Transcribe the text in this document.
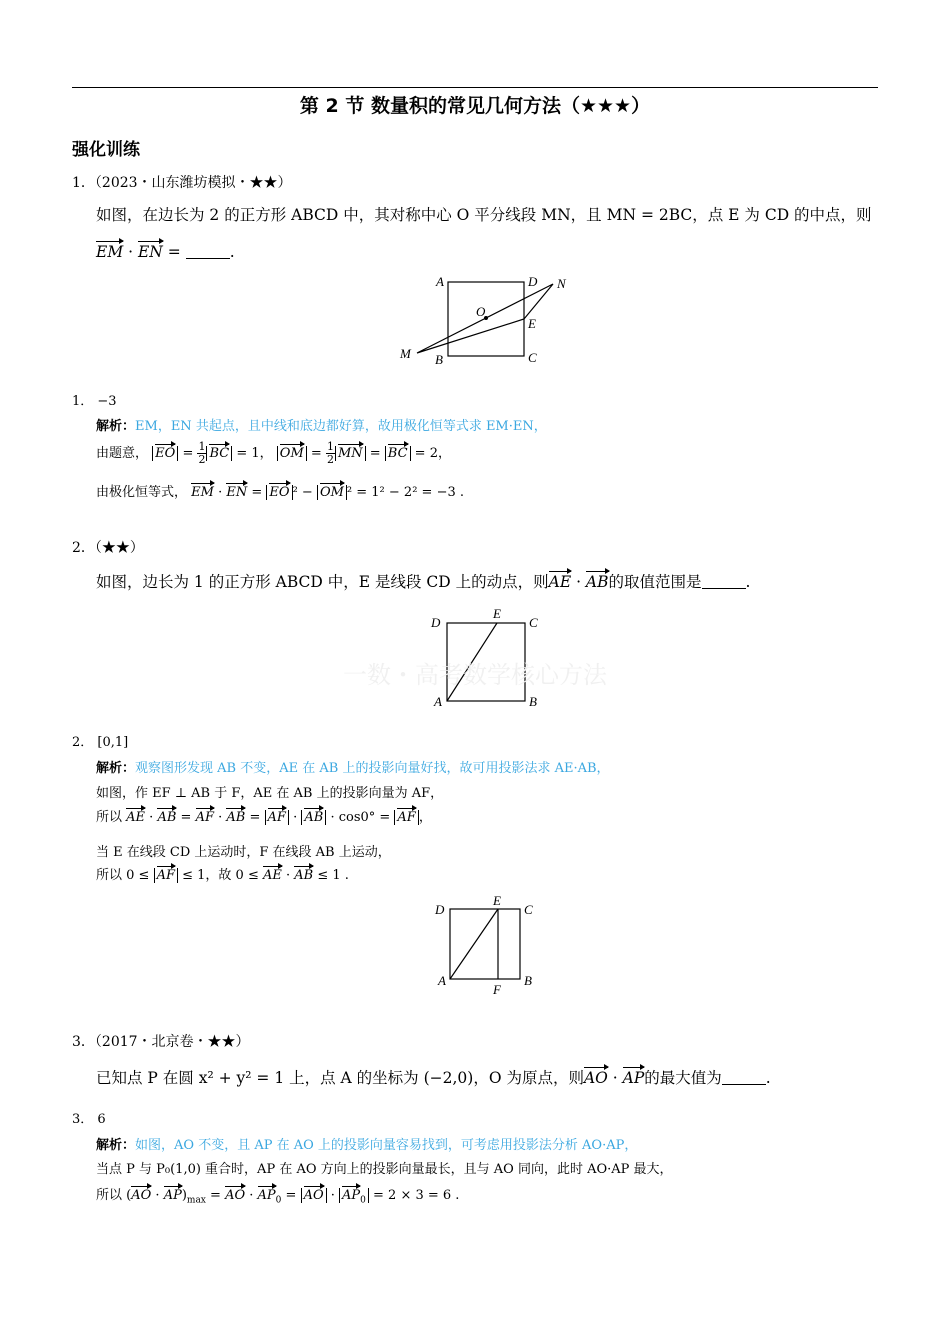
第 2 节 数量积的常见几何方法（★★★）
强化训练
1．（2023・山东潍坊模拟・★★）
如图，在边长为 2 的正方形 ABCD 中，其对称中心 O 平分线段 MN，且 MN = 2BC，点 E 为 CD 的中点，则
EM · EN =	.
A	D N
O
E
M B	C
1． −3
解析：EM，EN 共起点，且中线和底边都好算，故用极化恒等式求 EM·EN，
由题意， EO = $\frac{1}{2}$ BC = 1， OM = $\frac{1}{2}$ MN = BC = 2，
由极化恒等式， EM · EN = EO ² − OM ² = 1² − 2² = −3 .
2．（★★）
如图，边长为 1 的正方形 ABCD 中，E 是线段 CD 上的动点，则AE · AB的取值范围是	.
D
E
C
A	B
一数・高考数学核心方法
2． [0,1]
解析：观察图形发现 AB 不变，AE 在 AB 上的投影向量好找，故可用投影法求 AE·AB，
如图，作 EF ⊥ AB 于 F，AE 在 AB 上的投影向量为 AF，
所以 AE · AB = AF · AB = AF · AB · cos0° = AF ，
当 E 在线段 CD 上运动时，F 在线段 AB 上运动，
所以 0 ≤ AF ≤ 1，故 0 ≤ AE · AB ≤ 1 .
D
E
C
A
F
B
3．（2017・北京卷・★★）
已知点 P 在圆 x² + y² = 1 上，点 A 的坐标为 (−2,0)，O 为原点，则AO · AP的最大值为	.
3． 6
解析：如图，AO 不变，且 AP 在 AO 上的投影向量容易找到，可考虑用投影法分析 AO·AP，
当点 P 与 P₀(1,0) 重合时，AP 在 AO 方向上的投影向量最长，且与 AO 同向，此时 AO·AP 最大，
所以 $(AO \cdot AP)_{max}$ = AO · $AP_0$ = AO · $AP_0 = 2 \times 3 = 6$ .
